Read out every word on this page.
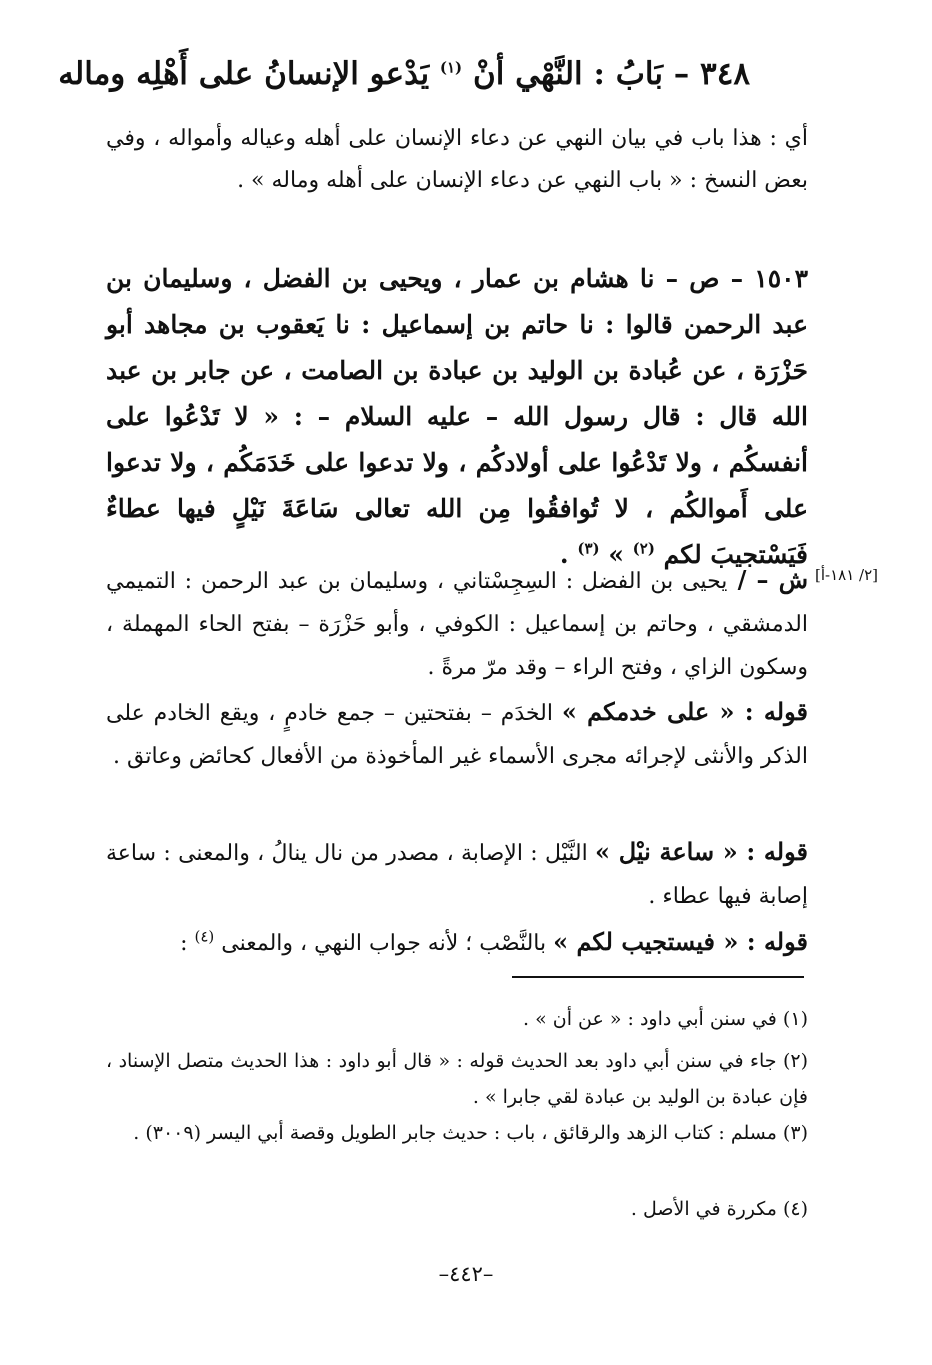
٣٤٨ – بَابُ : النَّهْي أنْ $^{(١)}$ يَدْعو الإنسانُ على أَهْلِه وماله
أي : هذا باب في بيان النهي عن دعاء الإنسان على أهله وعياله وأمواله ، وفي بعض النسخ : « باب النهي عن دعاء الإنسان على أهله وماله » .
١٥٠٣ – ص – نا هشام بن عمار ، ويحيى بن الفضل ، وسليمان بن عبد الرحمن قالوا : نا حاتم بن إسماعيل : نا يَعقوب بن مجاهد أبو حَزْرَة ، عن عُبادة بن الوليد بن عبادة بن الصامت ، عن جابر بن عبد الله قال : قال رسول الله – عليه السلام – : « لا تَدْعُوا على أنفسكُم ، ولا تَدْعُوا على أولادكُم ، ولا تدعوا على خَدَمَكُم ، ولا تدعوا على أَموالكُم ، لا تُوافقُوا مِن الله تعالى سَاعَةَ نَيْلٍ فيها عطاءٌ فَيَسْتجيبَ لكم $^{(٢)}$ » $^{(٣)}$ .
[٢/ ١٨١-أ]
ش – / يحيى بن الفضل : السِجِسْتاني ، وسليمان بن عبد الرحمن : التميمي الدمشقي ، وحاتم بن إسماعيل : الكوفي ، وأبو حَزْرَة – بفتح الحاء المهملة ، وسكون الزاي ، وفتح الراء – وقد مرّ مرةً .
قوله : « على خدمكم » الخدَم – بفتحتين – جمع خادمٍ ، ويقع الخادم على الذكر والأنثى لإجرائه مجرى الأسماء غير المأخوذة من الأفعال كحائض وعاتق .
قوله : « ساعة نيْل » النَّيْل : الإصابة ، مصدر من نال ينالُ ، والمعنى : ساعة إصابة فيها عطاء .
قوله : « فيستجيب لكم » بالنَّصْب ؛ لأنه جواب النهي ، والمعنى $^{(٤)}$ :
(١) في سنن أبي داود : « عن أن » .
(٢) جاء في سنن أبي داود بعد الحديث قوله : « قال أبو داود : هذا الحديث متصل الإسناد ، فإن عبادة بن الوليد بن عبادة لقي جابرا » .
(٣) مسلم : كتاب الزهد والرقائق ، باب : حديث جابر الطويل وقصة أبي اليسر (٣٠٠٩) .
(٤) مكررة في الأصل .
–٤٤٢–
